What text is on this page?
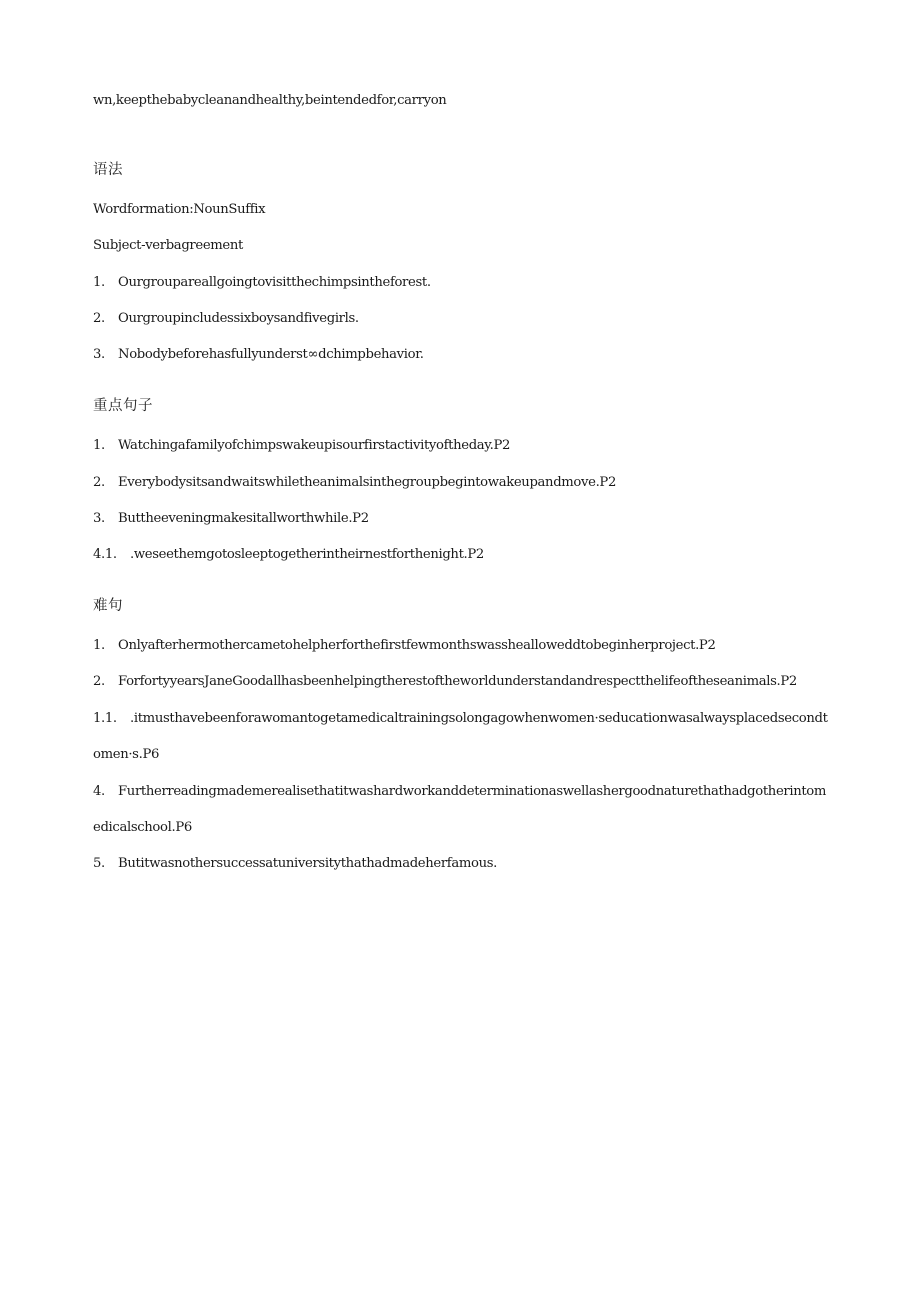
wn,keepthebabycleanandhealthy,beintendedfor,carryon
语法
Wordformation:NounSuffix
Subject-verbagreement
1. Ourgroupareallgoingtovisitthechimpsintheforest.
2. Ourgroupincludessixboysandfivegirls.
3. Nobodybeforehasfullyunderst∞dchimpbehavior.
重点句子
1. Watchingafamilyofchimpswakeupisourfirstactivityoftheday.P2
2. Everybodysitsandwaitswhiletheanimalsinthegroupbegintowakeupandmove.P2
3. Buttheeveningmakesitallworthwhile.P2
4.1. .weseethemgotosleeptogetherintheirnestforthenight.P2
难句
1. Onlyafterhermothercametohelpherforthefirstfewmonthswasshealloweddtobeginherproject.P2
2. ForfortyyearsJaneGoodallhasbeenhelpingtherestoftheworldunderstandandrespectthelifeoftheseanimals.P2
1.1. .itmusthavebeenforawomantogetamedicaltrainingsolongagowhenwomen·seducationwasalwaysplacedsecondt
omen·s.P6
4. Furtherreadingmademerealisethatitwashardworkanddeterminationaswellashergoodnaturethathadgotherintom
edicalschool.P6
5. Butitwasnothersuccessatuniversitythathadmadeherfamous.
